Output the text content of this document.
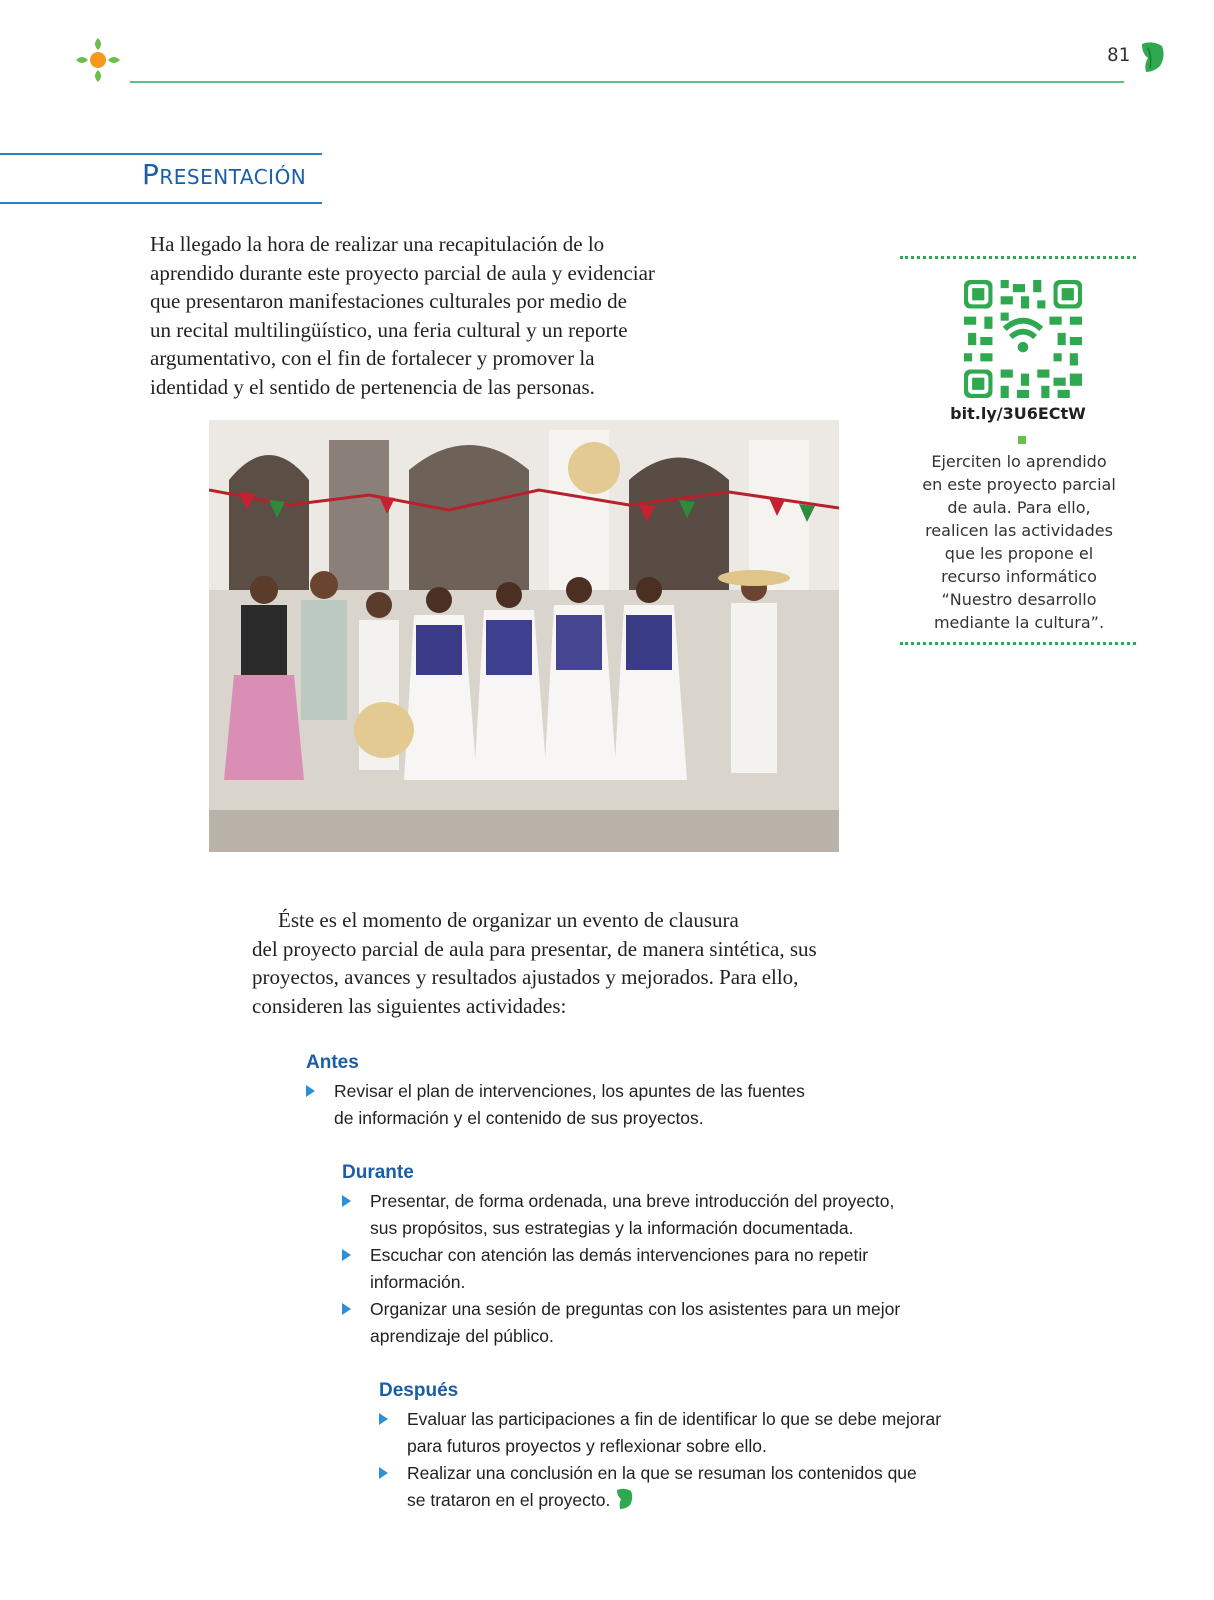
81
Presentación
Ha llegado la hora de realizar una recapitulación de lo
aprendido durante este proyecto parcial de aula y evidenciar
que presentaron manifestaciones culturales por medio de
un recital multilingüístico, una feria cultural y un reporte
argumentativo, con el fin de fortalecer y promover la
identidad y el sentido de pertenencia de las personas.
bit.ly/3U6ECtW
Ejerciten lo aprendido
en este proyecto parcial
de aula. Para ello,
realicen las actividades
que les propone el
recurso informático
“Nuestro desarrollo
mediante la cultura”.
Éste es el momento de organizar un evento de clausura
del proyecto parcial de aula para presentar, de manera sintética, sus
proyectos, avances y resultados ajustados y mejorados. Para ello,
consideren las siguientes actividades:
Antes
Revisar el plan de intervenciones, los apuntes de las fuentes
de información y el contenido de sus proyectos.
Durante
Presentar, de forma ordenada, una breve introducción del proyecto,
sus propósitos, sus estrategias y la información documentada.
Escuchar con atención las demás intervenciones para no repetir
información.
Organizar una sesión de preguntas con los asistentes para un mejor
aprendizaje del público.
Después
Evaluar las participaciones a fin de identificar lo que se debe mejorar
para futuros proyectos y reflexionar sobre ello.
Realizar una conclusión en la que se resuman los contenidos que
se trataron en el proyecto.
